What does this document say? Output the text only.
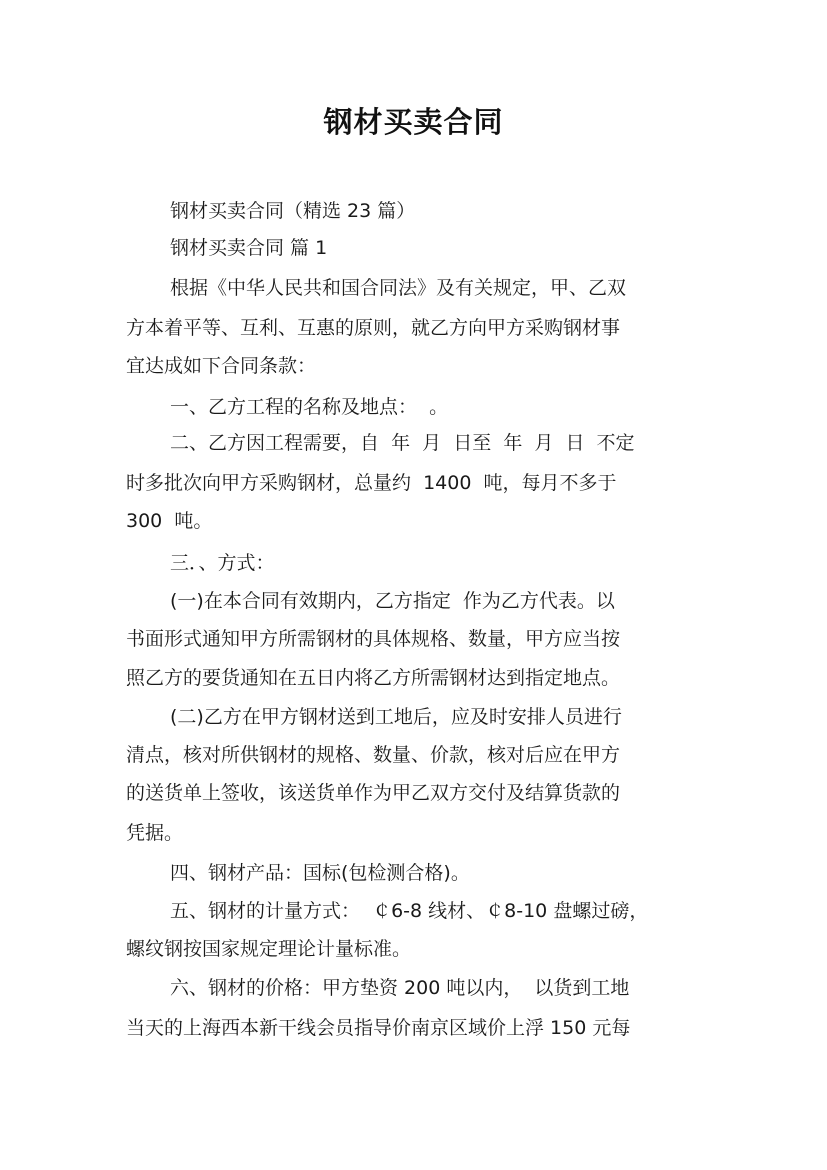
钢材买卖合同
钢材买卖合同（精选 23 篇）
钢材买卖合同 篇 1
根据《中华人民共和国合同法》及有关规定，甲、乙双
方本着平等、互利、互惠的原则，就乙方向甲方采购钢材事
宜达成如下合同条款：
一、乙方工程的名称及地点：  。
二、乙方因工程需要，自  年  月  日至  年  月  日  不定
时多批次向甲方采购钢材，总量约  1400  吨，每月不多于
300  吨。
三．、方式：
(一)在本合同有效期内，乙方指定  作为乙方代表。以
书面形式通知甲方所需钢材的具体规格、数量，甲方应当按
照乙方的要货通知在五日内将乙方所需钢材达到指定地点。
(二)乙方在甲方钢材送到工地后，应及时安排人员进行
清点，核对所供钢材的规格、数量、价款，核对后应在甲方
的送货单上签收，该送货单作为甲乙双方交付及结算货款的
凭据。
四、钢材产品：国标(包检测合格)。
五、钢材的计量方式：  ￠6-8 线材、￠8-10 盘螺过磅，
螺纹钢按国家规定理论计量标准。
六、钢材的价格：甲方垫资 200 吨以内，  以货到工地
当天的上海西本新干线会员指导价南京区域价上浮 150 元每
